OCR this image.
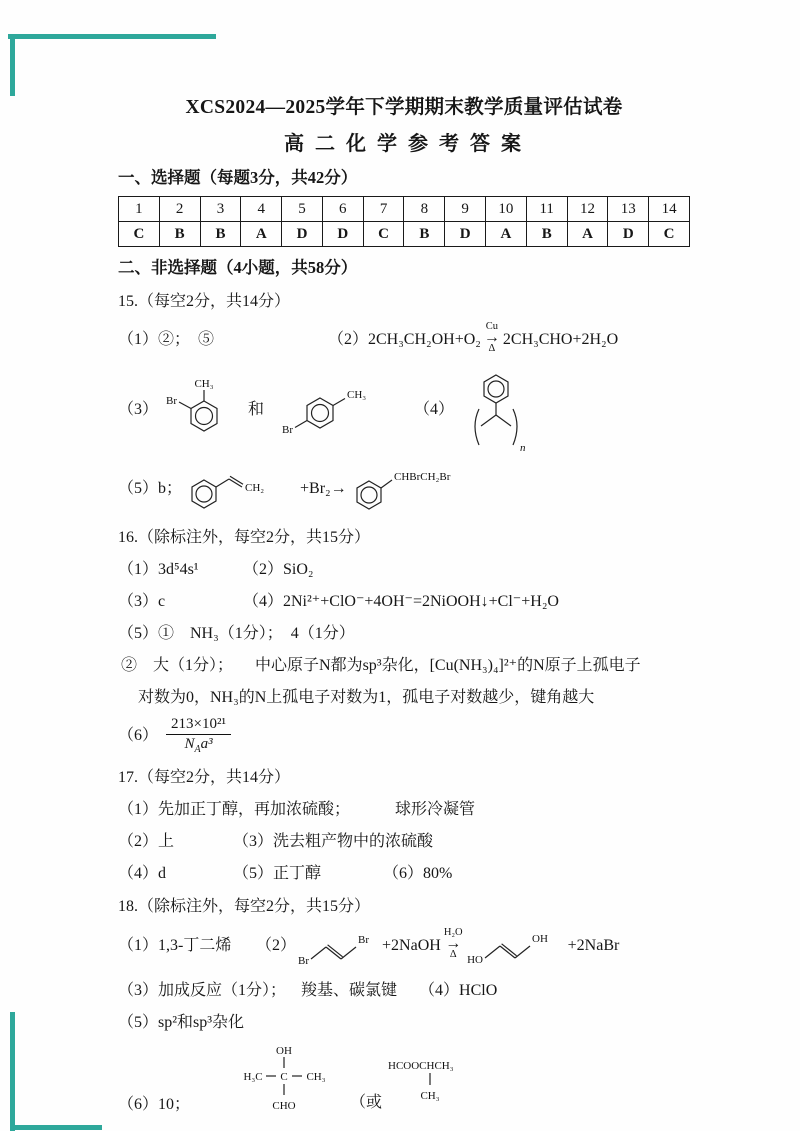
XCS2024—2025学年下学期期末教学质量评估试卷
高 二 化 学 参 考 答 案
一、选择题（每题3分，共42分）
1	2	3	4	5	6	7	8	9	10	11	12	13	14
C	B	B	A	D	D	C	B	D	A	B	A	D	C
二、非选择题（4小题，共58分）
15.（每空2分，共14分）
（1）②；　⑤	（2）2CH₃CH₂OH+O₂
Cu
→
Δ
2CH₃CHO+2H₂O
（3）
CH₃
Br	和
CH₃
Br
（4）
n
（5）b；	CH₂ +Br₂→
CHBrCH₂Br
16.（除标注外，每空2分，共15分）
（1）3d⁵4s¹	（2）SiO₂
（3）c	（4）2Ni²⁺+ClO⁻+4OH⁻=2NiOOH↓+Cl⁻+H₂O
（5）①　NH₃（1分）；　4（1分）
②　大（1分）； 中心原子N都为sp³杂化，[Cu(NH₃)₄]²⁺的N原子上孤电子
对数为0，NH₃的N上孤电子对数为1，孤电子对数越少，键角越大
$(6) \frac{\text{213×10²¹}}{N_Aa^3}$
17.（每空2分，共14分）
（1）先加正丁醇，再加浓硫酸；	球形冷凝管
（2）上	（3）洗去粗产物中的浓硫酸
（4）d	（5）正丁醇	（6）80%
18.（除标注外，每空2分，共15分）
（1）1,3-丁二烯	（2）
Br
Br +2NaOH
H₂O
→
Δ HO
OH +2NaBr
（3）加成反应（1分）； 羧基、碳氯键 （4）HClO
（5）sp²和sp³杂化
（6）10；
OH
H₃C C CH₃
CHO	（或
HCOOCHCH₃
CH₃
